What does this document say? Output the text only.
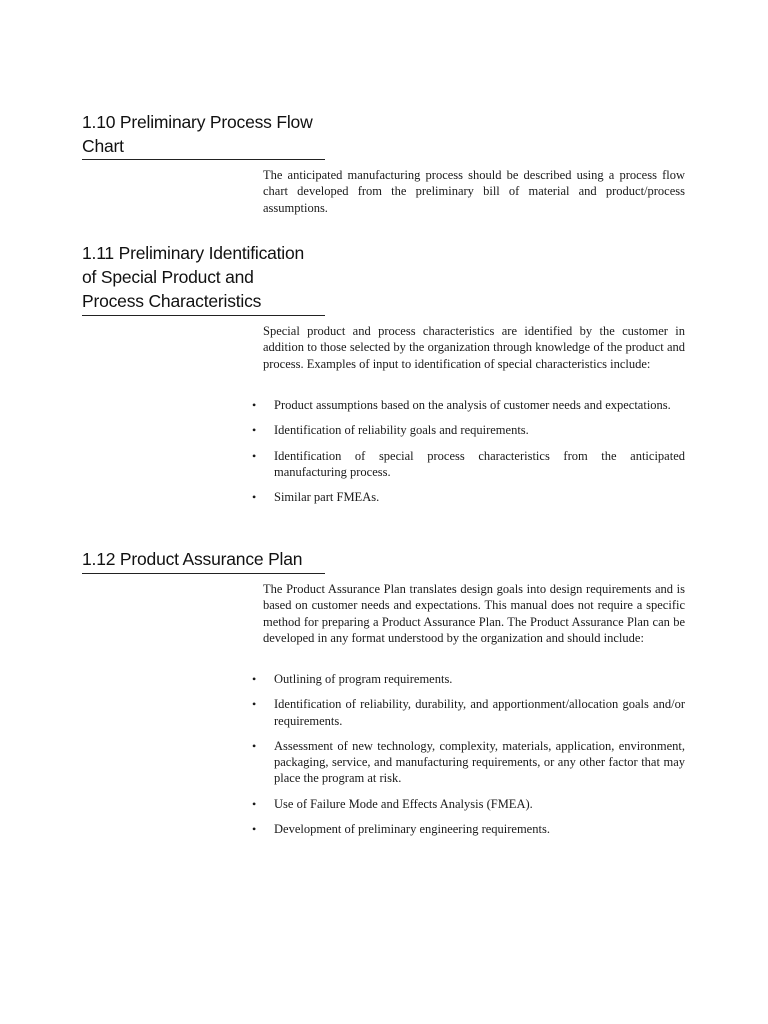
1.10 Preliminary Process Flow
Chart

The anticipated manufacturing process should be described using a process flow chart developed from the preliminary bill of material and product/process assumptions.

1.11 Preliminary Identification
of Special Product and
Process Characteristics

Special product and process characteristics are identified by the customer in addition to those selected by the organization through knowledge of the product and process. Examples of input to identification of special characteristics include:

•	Product assumptions based on the analysis of customer needs and expectations.
•	Identification of reliability goals and requirements.
•	Identification of special process characteristics from the anticipated manufacturing process.
•	Similar part FMEAs.
1.12 Product Assurance Plan

The Product Assurance Plan translates design goals into design requirements and is based on customer needs and expectations. This manual does not require a specific method for preparing a Product Assurance Plan. The Product Assurance Plan can be developed in any format understood by the organization and should include:

•	Outlining of program requirements.
•	Identification of reliability, durability, and apportionment/allocation goals and/or requirements.
•	Assessment of new technology, complexity, materials, application, environment, packaging, service, and manufacturing requirements, or any other factor that may place the program at risk.
•	Use of Failure Mode and Effects Analysis (FMEA).
•	Development of preliminary engineering requirements.
